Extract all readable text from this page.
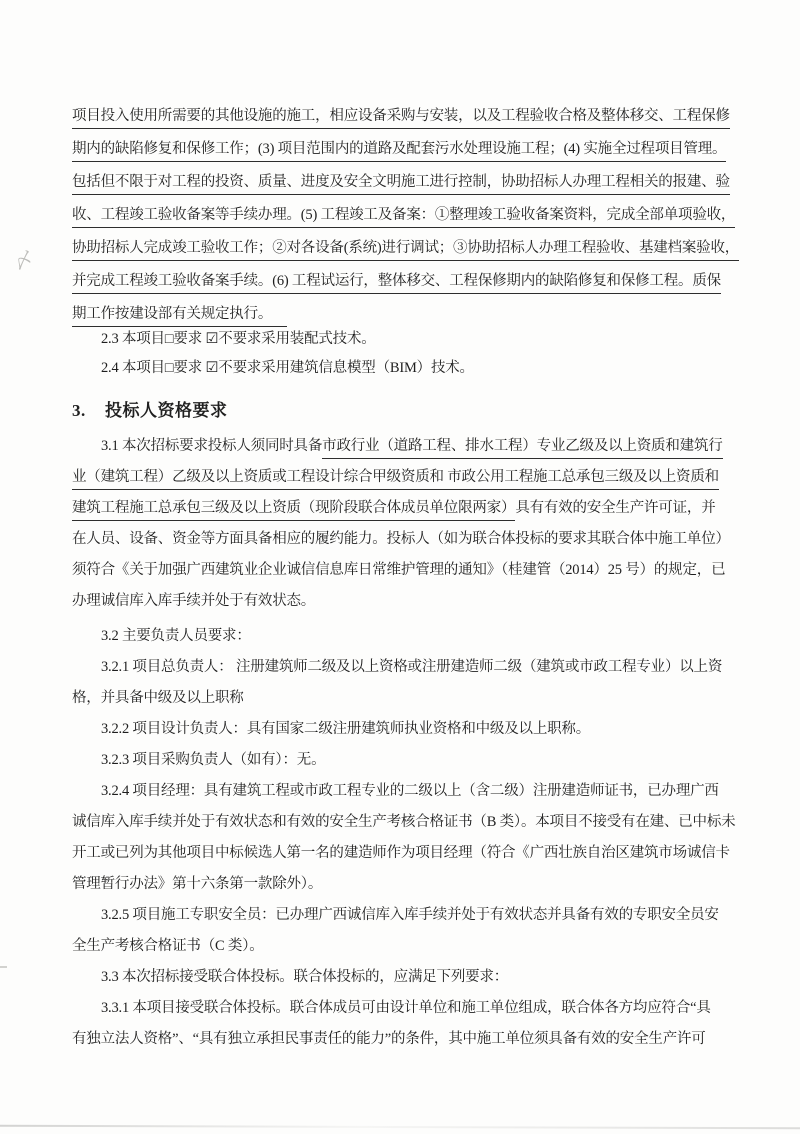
〆
项目投入使用所需要的其他设施的施工，相应设备采购与安装，以及工程验收合格及整体移交、工程保修
期内的缺陷修复和保修工作；(3) 项目范围内的道路及配套污水处理设施工程；(4) 实施全过程项目管理。
包括但不限于对工程的投资、质量、进度及安全文明施工进行控制，协助招标人办理工程相关的报建、验
收、工程竣工验收备案等手续办理。(5) 工程竣工及备案：①整理竣工验收备案资料，完成全部单项验收，
协助招标人完成竣工验收工作；②对各设备(系统)进行调试；③协助招标人办理工程验收、基建档案验收，
并完成工程竣工验收备案手续。(6) 工程试运行，整体移交、工程保修期内的缺陷修复和保修工程。质保
期工作按建设部有关规定执行。　
2.3 本项目□要求 ☑不要求采用装配式技术。
2.4 本项目□要求 ☑不要求采用建筑信息模型（BIM）技术。
3. 投标人资格要求
3.1 本次招标要求投标人须同时具备市政行业（道路工程、排水工程）专业乙级及以上资质和建筑行
业（建筑工程）乙级及以上资质或工程设计综合甲级资质和 市政公用工程施工总承包三级及以上资质和
建筑工程施工总承包三级及以上资质（现阶段联合体成员单位限两家）具有有效的安全生产许可证，并
在人员、设备、资金等方面具备相应的履约能力。投标人（如为联合体投标的要求其联合体中施工单位）
须符合《关于加强广西建筑业企业诚信信息库日常维护管理的通知》（桂建管（2014）25 号）的规定，已
办理诚信库入库手续并处于有效状态。
3.2 主要负责人员要求：
3.2.1 项目总负责人： 注册建筑师二级及以上资格或注册建造师二级（建筑或市政工程专业）以上资
格，并具备中级及以上职称
3.2.2 项目设计负责人：具有国家二级注册建筑师执业资格和中级及以上职称。
3.2.3 项目采购负责人（如有）：无。
3.2.4 项目经理：具有建筑工程或市政工程专业的二级以上（含二级）注册建造师证书，已办理广西
诚信库入库手续并处于有效状态和有效的安全生产考核合格证书（B 类）。本项目不接受有在建、已中标未
开工或已列为其他项目中标候选人第一名的建造师作为项目经理（符合《广西壮族自治区建筑市场诚信卡
管理暂行办法》第十六条第一款除外）。
3.2.5 项目施工专职安全员：已办理广西诚信库入库手续并处于有效状态并具备有效的专职安全员安
全生产考核合格证书（C 类）。
3.3 本次招标接受联合体投标。联合体投标的，应满足下列要求：
3.3.1 本项目接受联合体投标。联合体成员可由设计单位和施工单位组成，联合体各方均应符合“具
有独立法人资格”、“具有独立承担民事责任的能力”的条件，其中施工单位须具备有效的安全生产许可
